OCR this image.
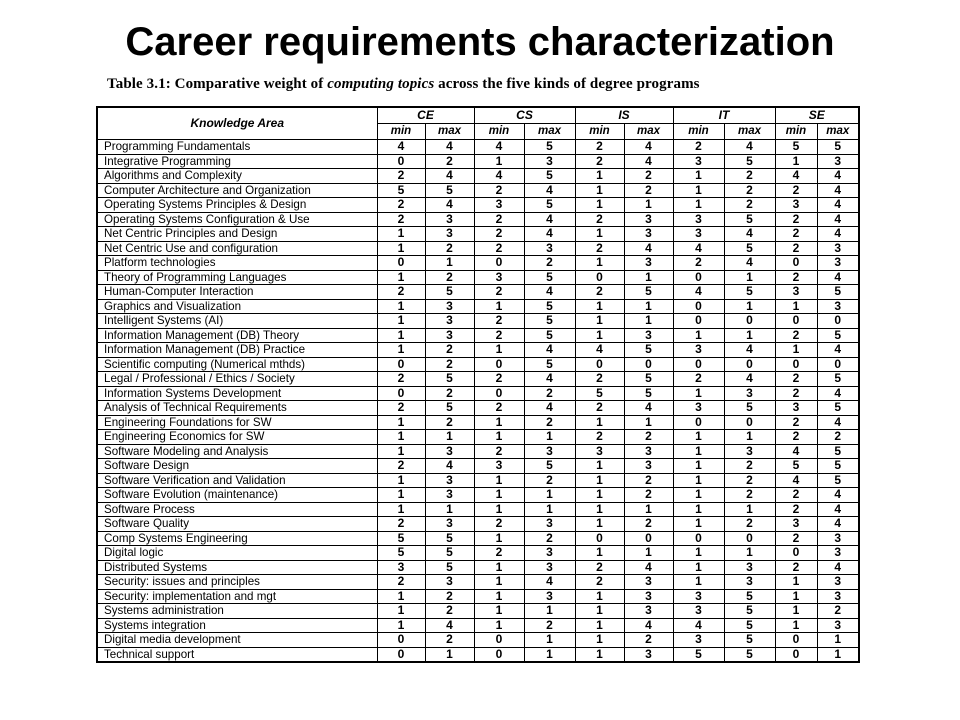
Career requirements characterization
Table 3.1: Comparative weight of computing topics across the five kinds of degree programs
Knowledge Area	CE		CS		IS		IT		SE	
	min	max	min	max	min	max	min	max	min	max
Programming Fundamentals	4	4	4	5	2	4	2	4	5	5
Integrative Programming	0	2	1	3	2	4	3	5	1	3
Algorithms and Complexity	2	4	4	5	1	2	1	2	4	4
Computer Architecture and Organization	5	5	2	4	1	2	1	2	2	4
Operating Systems Principles & Design	2	4	3	5	1	1	1	2	3	4
Operating Systems Configuration & Use	2	3	2	4	2	3	3	5	2	4
Net Centric Principles and Design	1	3	2	4	1	3	3	4	2	4
Net Centric Use and configuration	1	2	2	3	2	4	4	5	2	3
Platform technologies	0	1	0	2	1	3	2	4	0	3
Theory of Programming Languages	1	2	3	5	0	1	0	1	2	4
Human-Computer Interaction	2	5	2	4	2	5	4	5	3	5
Graphics and Visualization	1	3	1	5	1	1	0	1	1	3
Intelligent Systems (AI)	1	3	2	5	1	1	0	0	0	0
Information Management (DB) Theory	1	3	2	5	1	3	1	1	2	5
Information Management (DB) Practice	1	2	1	4	4	5	3	4	1	4
Scientific computing (Numerical mthds)	0	2	0	5	0	0	0	0	0	0
Legal / Professional / Ethics / Society	2	5	2	4	2	5	2	4	2	5
Information Systems Development	0	2	0	2	5	5	1	3	2	4
Analysis of Technical Requirements	2	5	2	4	2	4	3	5	3	5
Engineering Foundations for SW	1	2	1	2	1	1	0	0	2	4
Engineering Economics for SW	1	1	1	1	2	2	1	1	2	2
Software Modeling and Analysis	1	3	2	3	3	3	1	3	4	5
Software Design	2	4	3	5	1	3	1	2	5	5
Software Verification and Validation	1	3	1	2	1	2	1	2	4	5
Software Evolution (maintenance)	1	3	1	1	1	2	1	2	2	4
Software Process	1	1	1	1	1	1	1	1	2	4
Software Quality	2	3	2	3	1	2	1	2	3	4
Comp Systems Engineering	5	5	1	2	0	0	0	0	2	3
Digital logic	5	5	2	3	1	1	1	1	0	3
Distributed Systems	3	5	1	3	2	4	1	3	2	4
Security: issues and principles	2	3	1	4	2	3	1	3	1	3
Security: implementation and mgt	1	2	1	3	1	3	3	5	1	3
Systems administration	1	2	1	1	1	3	3	5	1	2
Systems integration	1	4	1	2	1	4	4	5	1	3
Digital media development	0	2	0	1	1	2	3	5	0	1
Technical support	0	1	0	1	1	3	5	5	0	1
